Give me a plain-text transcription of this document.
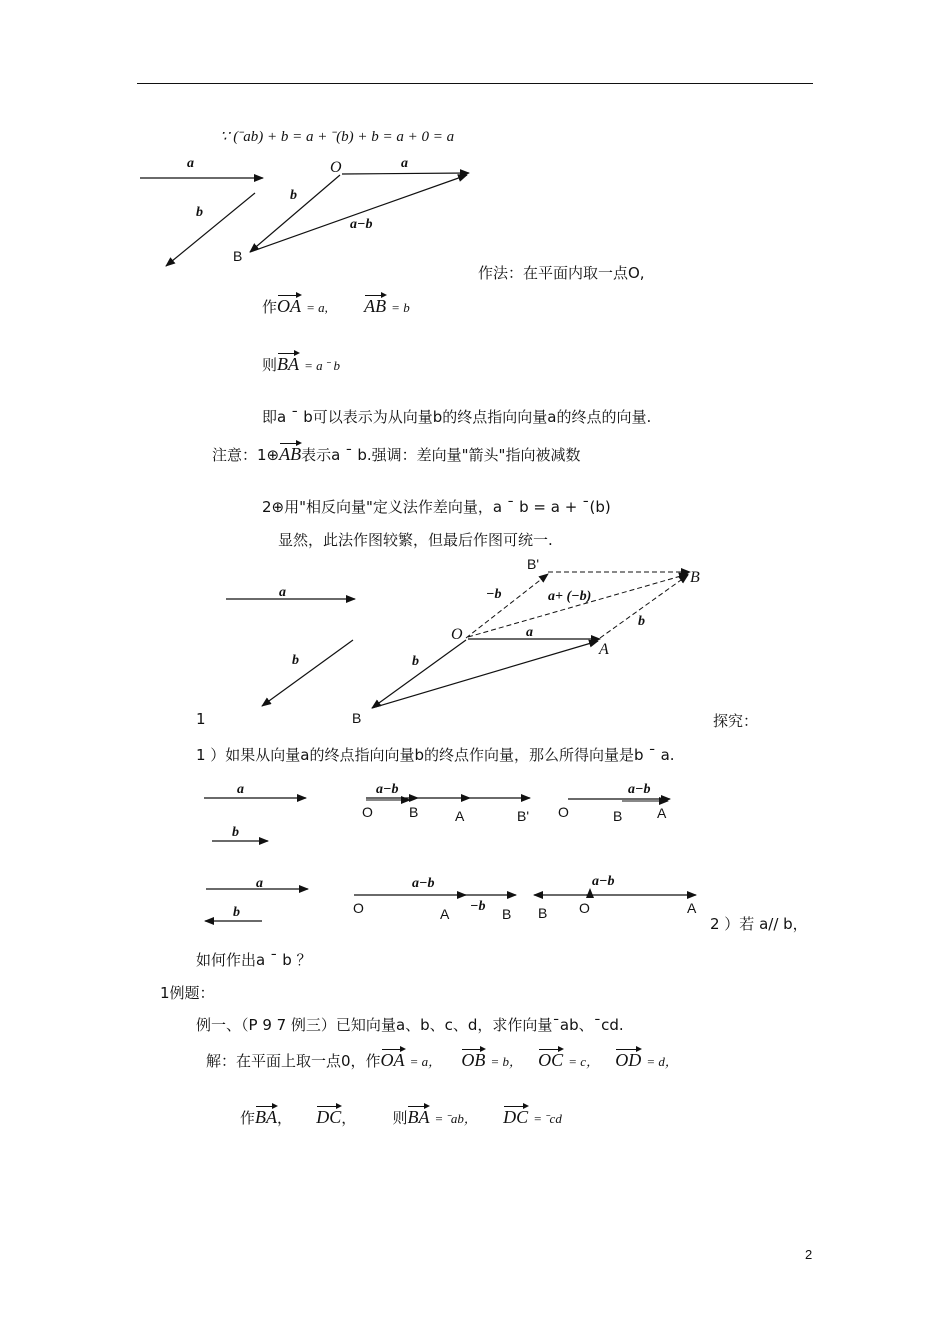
∵ (ˉab) + b = a + ˉ(b) + b = a + 0 = a
a
b
O	a
b
B
a−b
作法：在平面内取一点O,
作OA = a, AB = b
则BA = a ˉ b
即a ˉ b可以表示为从向量b的终点指向向量a的终点的向量.
注意：1⊕AB表示a ˉ b.强调：差向量"箭头"指向被减数
2⊕用"相反向量"定义法作差向量，a ˉ b = a + ˉ(b)
显然，此法作图较繁，但最后作图可统一.
a
b
B
O
A
B'
B
−b	a+ (−b)
b
a
b
1	探究：
1 ）如果从向量a的终点指向向量b的终点作向量，那么所得向量是b ˉ a.
a
b
a−b
O	B	A	B' O
a−b
B A
a
b
a−b
O	A −b B B O
a−b
A
2 ）若 a// b，
如何作出a ˉ b ？
1例题：
例一、（P 9 7 例三）已知向量a、b、c、d，求作向量ˉab、ˉcd.
解：在平面上取一点0，作OA = a， OB = b， OC = c， OD = d，
作BA， DC， 则BA = ˉab， DC = ˉcd
2
